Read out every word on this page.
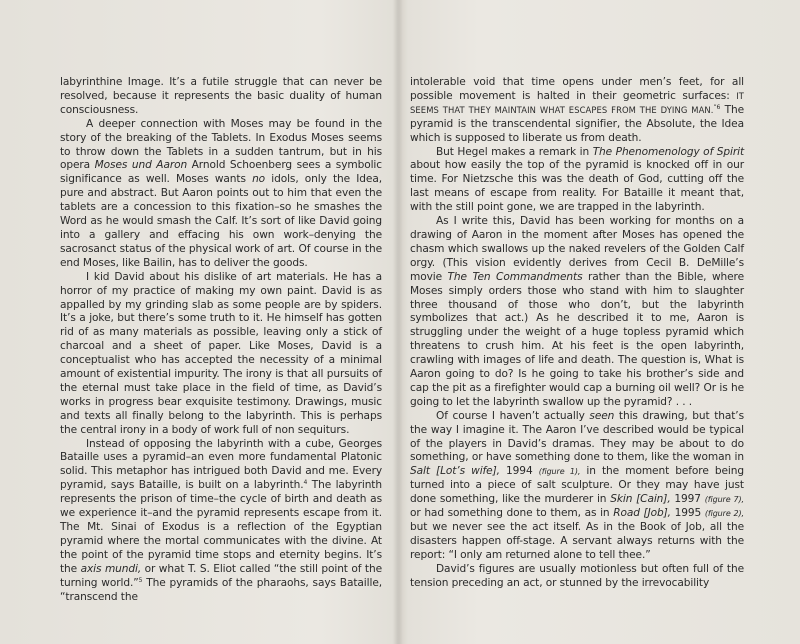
labyrinthine Image. It’s a futile struggle that can never be resolved, because it represents the basic duality of human consciousness.

A deeper connection with Moses may be found in the story of the breaking of the Tablets. In Exodus Moses seems to throw down the Tablets in a sudden tantrum, but in his opera Moses und Aaron Arnold Schoenberg sees a symbolic significance as well. Moses wants no idols, only the Idea, pure and abstract. But Aaron points out to him that even the tablets are a concession to this fixation–so he smashes the Word as he would smash the Calf. It’s sort of like David going into a gallery and effacing his own work–denying the sacrosanct status of the physical work of art. Of course in the end Moses, like Bailin, has to deliver the goods.

I kid David about his dislike of art materials. He has a horror of my practice of making my own paint. David is as appalled by my grinding slab as some people are by spiders. It’s a joke, but there’s some truth to it. He himself has gotten rid of as many materials as possible, leaving only a stick of charcoal and a sheet of paper. Like Moses, David is a conceptualist who has accepted the necessity of a minimal amount of existential impurity. The irony is that all pursuits of the eternal must take place in the field of time, as David’s works in progress bear exquisite testimony. Drawings, music and texts all finally belong to the labyrinth. This is perhaps the central irony in a body of work full of non sequiturs.

Instead of opposing the labyrinth with a cube, Georges Bataille uses a pyramid–an even more fundamental Platonic solid. This metaphor has intrigued both David and me. Every pyramid, says Bataille, is built on a labyrinth.$^4$ The labyrinth represents the prison of time–the cycle of birth and death as we experience it–and the pyramid represents escape from it. The Mt. Sinai of Exodus is a reflection of the Egyptian pyramid where the mortal communicates with the divine. At the point of the pyramid time stops and eternity begins. It’s the axis mundi, or what T. S. Eliot called “the still point of the turning world.”$^5$ The pyramids of the pharaohs, says Bataille, “transcend the

intolerable void that time opens under men’s feet, for all possible movement is halted in their geometric surfaces: IT SEEMS THAT THEY MAINTAIN WHAT ESCAPES FROM THE DYING MAN.$^{”6}$ The pyramid is the transcendental signifier, the Absolute, the Idea which is supposed to liberate us from death.

But Hegel makes a remark in The Phenomenology of Spirit about how easily the top of the pyramid is knocked off in our time. For Nietzsche this was the death of God, cutting off the last means of escape from reality. For Bataille it meant that, with the still point gone, we are trapped in the labyrinth.

As I write this, David has been working for months on a drawing of Aaron in the moment after Moses has opened the chasm which swallows up the naked revelers of the Golden Calf orgy. (This vision evidently derives from Cecil B. DeMille’s movie The Ten Commandments rather than the Bible, where Moses simply orders those who stand with him to slaughter three thousand of those who don’t, but the labyrinth symbolizes that act.) As he described it to me, Aaron is struggling under the weight of a huge topless pyramid which threatens to crush him. At his feet is the open labyrinth, crawling with images of life and death. The question is, What is Aaron going to do? Is he going to take his brother’s side and cap the pit as a firefighter would cap a burning oil well? Or is he going to let the labyrinth swallow up the pyramid? . . .

Of course I haven’t actually seen this drawing, but that’s the way I imagine it. The Aaron I’ve described would be typical of the players in David’s dramas. They may be about to do something, or have something done to them, like the woman in Salt [Lot’s wife], 1994 (figure 1), in the moment before being turned into a piece of salt sculpture. Or they may have just done something, like the murderer in Skin [Cain], 1997 (figure 7), or had something done to them, as in Road [Job], 1995 (figure 2), but we never see the act itself. As in the Book of Job, all the disasters happen off-stage. A servant always returns with the report: “I only am returned alone to tell thee.”

David’s figures are usually motionless but often full of the tension preceding an act, or stunned by the irrevocability
